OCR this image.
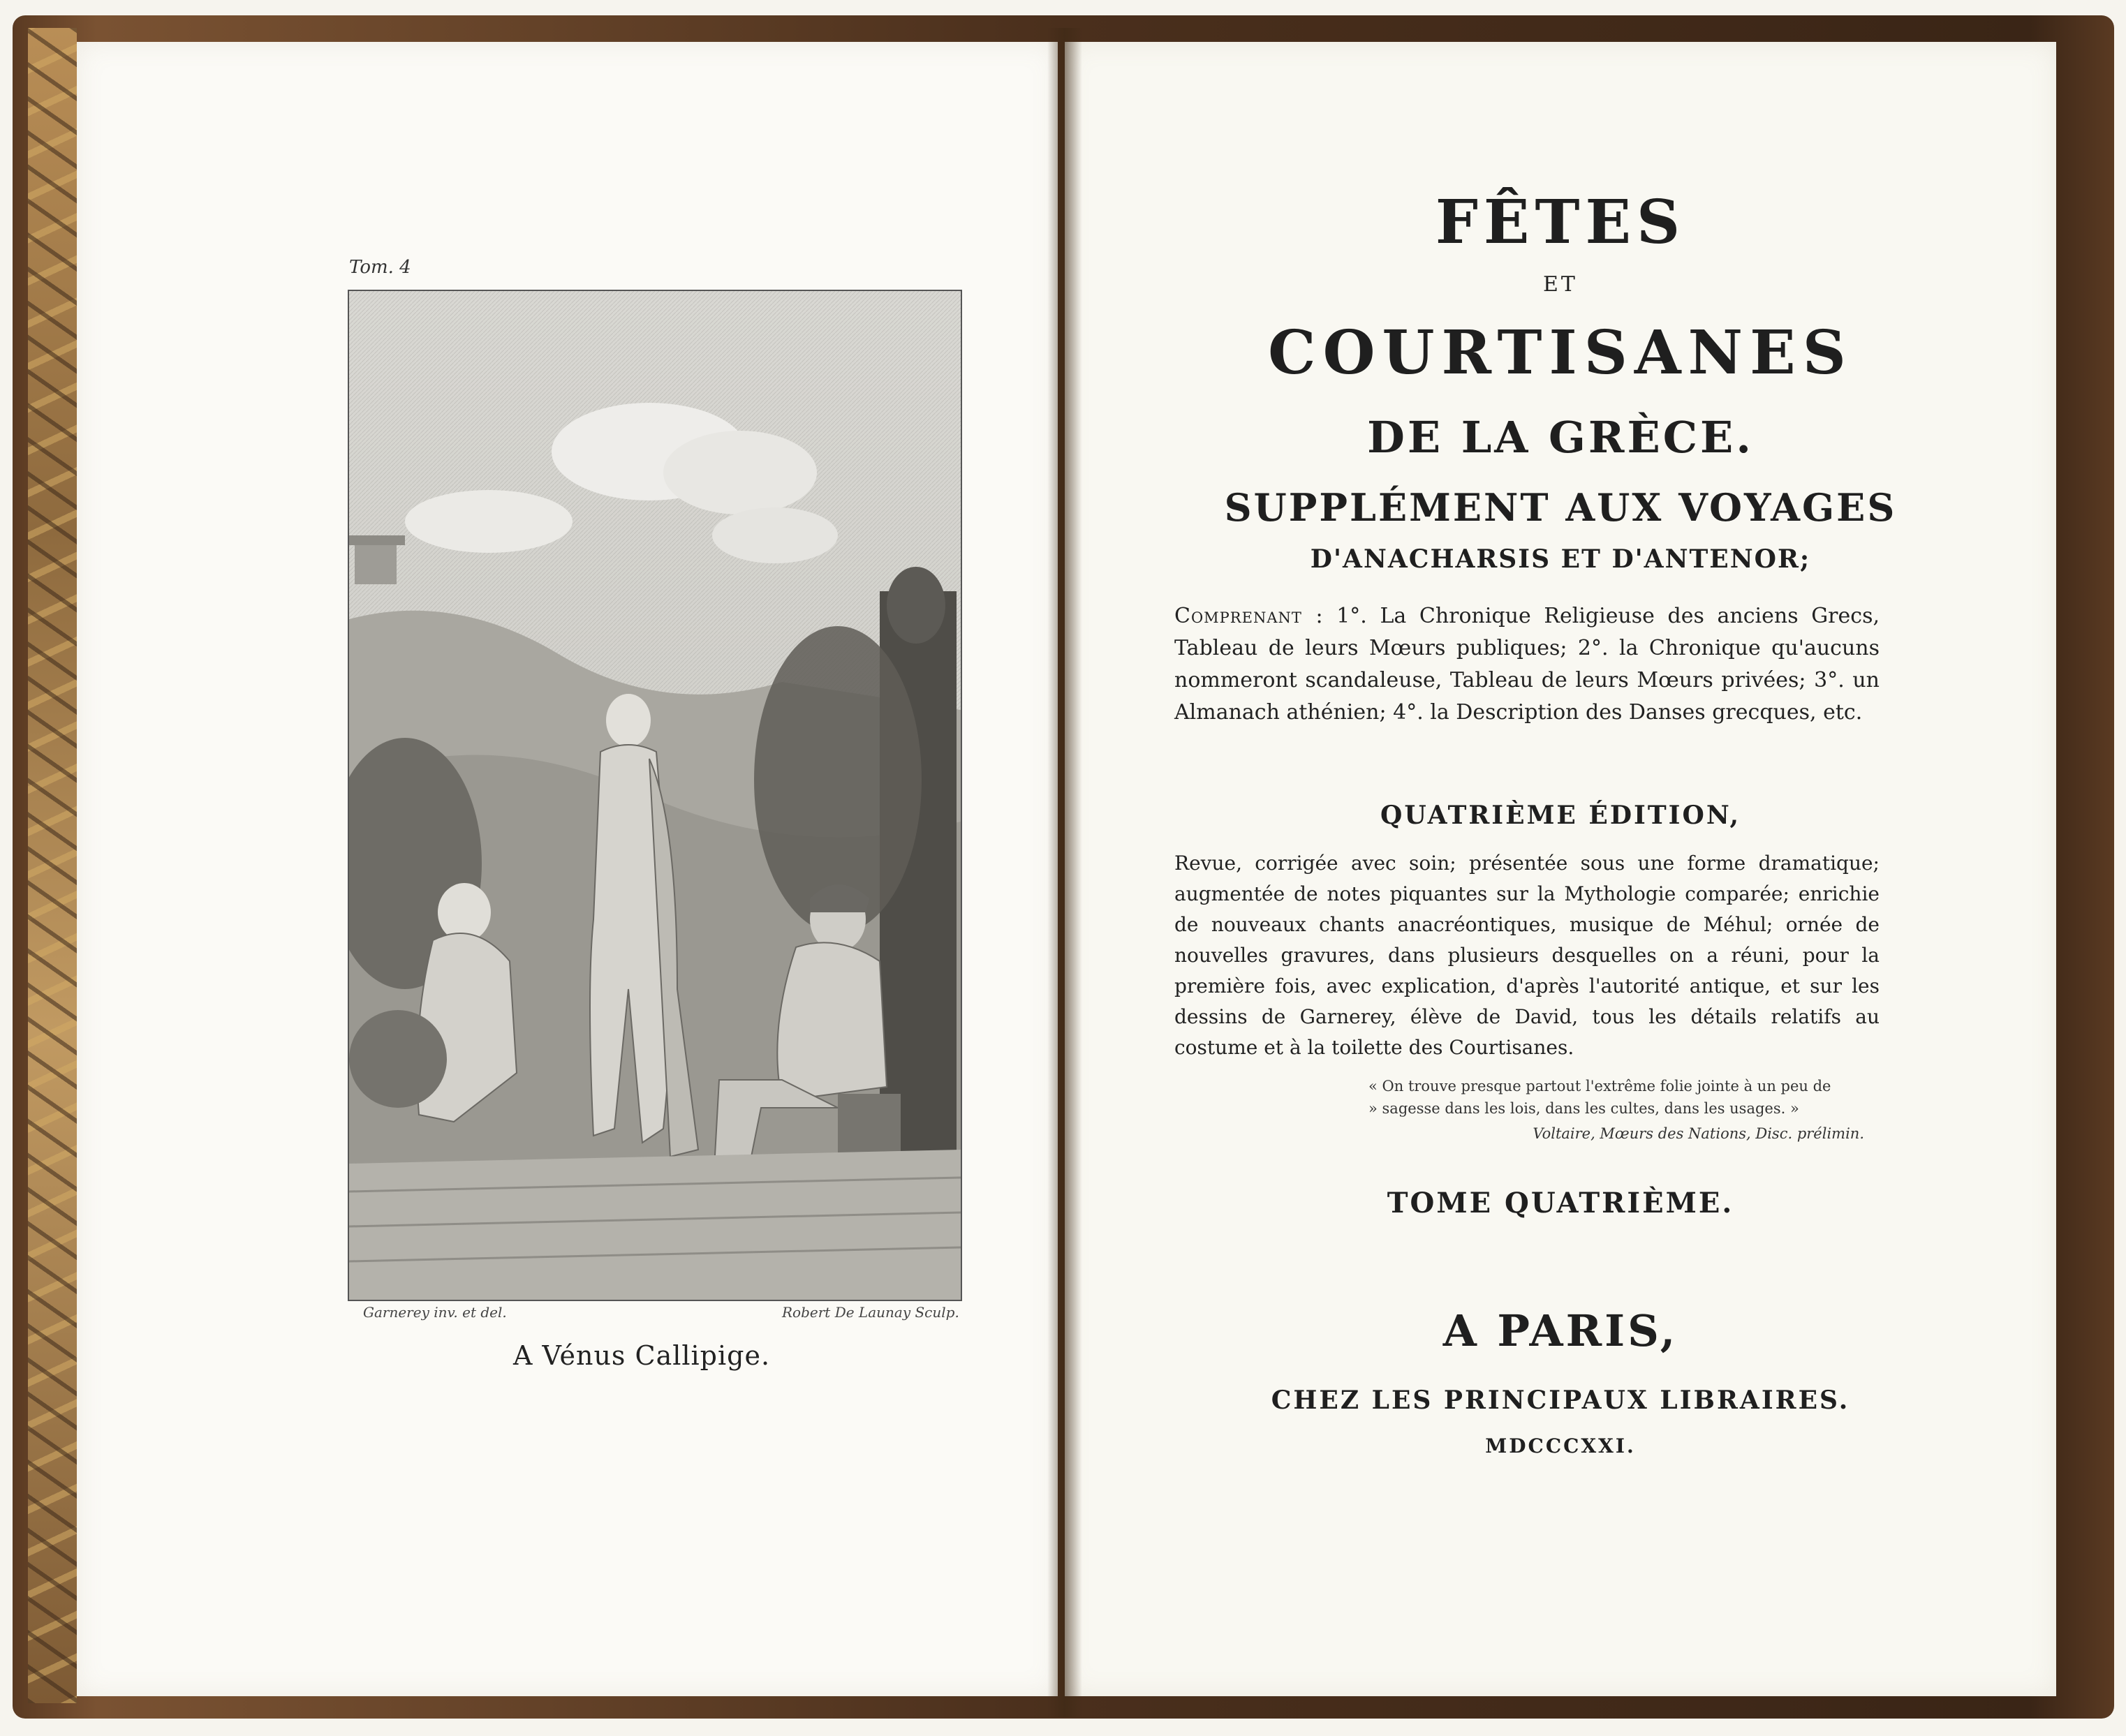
Tom. 4
Garnerey inv. et del.	Robert De Launay Sculp.
A Vénus Callipige.
FÊTES
ET
COURTISANES
DE LA GRÈCE.
SUPPLÉMENT AUX VOYAGES
D'ANACHARSIS ET D'ANTENOR;
Comprenant : 1°. La Chronique Religieuse des anciens Grecs, Tableau de leurs Mœurs publiques; 2°. la Chronique qu'aucuns nommeront scandaleuse, Tableau de leurs Mœurs privées; 3°. un Almanach athénien; 4°. la Description des Danses grecques, etc.
QUATRIÈME ÉDITION,
Revue, corrigée avec soin; présentée sous une forme dramatique; augmentée de notes piquantes sur la Mythologie comparée; enrichie de nouveaux chants anacréontiques, musique de Méhul; ornée de nouvelles gravures, dans plusieurs desquelles on a réuni, pour la première fois, avec explication, d'après l'autorité antique, et sur les dessins de Garnerey, élève de David, tous les détails relatifs au costume et à la toilette des Courtisanes.
« On trouve presque partout l'extrême folie jointe à un peu de
» sagesse dans les lois, dans les cultes, dans les usages. »
Voltaire, Mœurs des Nations, Disc. prélimin.
TOME QUATRIÈME.
A PARIS,
CHEZ LES PRINCIPAUX LIBRAIRES.
MDCCCXXI.
